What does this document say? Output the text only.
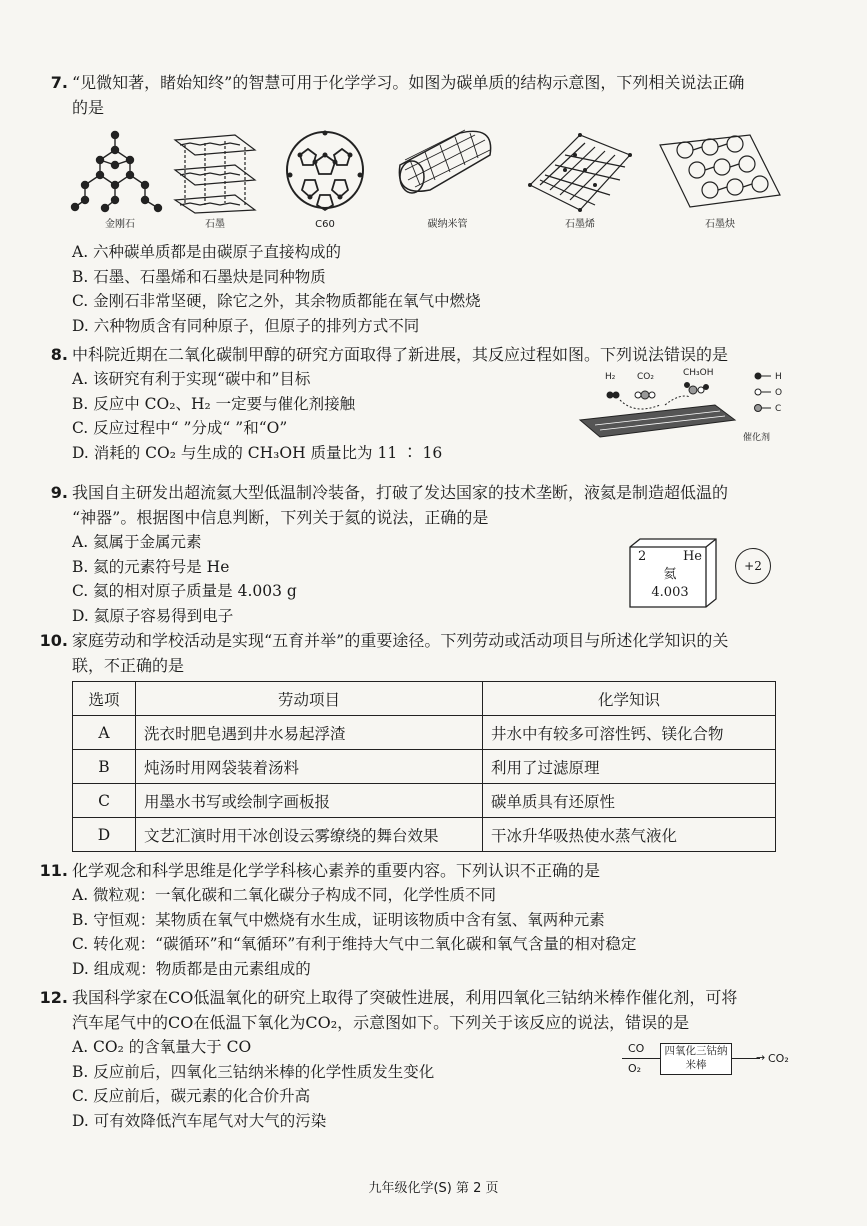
7. “见微知著，睹始知终”的智慧可用于化学学习。如图为碳单质的结构示意图，下列相关说法正确
的是
金刚石	石墨	C60	碳纳米管	石墨烯	石墨炔
A. 六种碳单质都是由碳原子直接构成的
B. 石墨、石墨烯和石墨炔是同种物质
C. 金刚石非常坚硬，除它之外，其余物质都能在氧气中燃烧
D. 六种物质含有同种原子，但原子的排列方式不同
8. 中科院近期在二氧化碳制甲醇的研究方面取得了新进展，其反应过程如图。下列说法错误的是
A. 该研究有利于实现“碳中和”目标
B. 反应中 CO₂、H₂ 一定要与催化剂接触
C. 反应过程中“ ”分成“ ”和“O”
D. 消耗的 CO₂ 与生成的 CH₃OH 质量比为 11 ∶ 16
H₂ CO₂	CH₃OH	H
O
C
催化剂
9. 我国自主研发出超流氦大型低温制冷装备，打破了发达国家的技术垄断，液氦是制造超低温的
“神器”。根据图中信息判断，下列关于氦的说法，正确的是
A. 氦属于金属元素
B. 氦的元素符号是 He
C. 氦的相对原子质量是 4.003 g
D. 氦原子容易得到电子
2	He
氦
4.003
+2
10. 家庭劳动和学校活动是实现“五育并举”的重要途径。下列劳动或活动项目与所述化学知识的关
联，不正确的是
选项	劳动项目	化学知识
A	洗衣时肥皂遇到井水易起浮渣	井水中有较多可溶性钙、镁化合物
B	炖汤时用网袋装着汤料	利用了过滤原理
C	用墨水书写或绘制字画板报	碳单质具有还原性
D	文艺汇演时用干冰创设云雾缭绕的舞台效果	干冰升华吸热使水蒸气液化
11. 化学观念和科学思维是化学学科核心素养的重要内容。下列认识不正确的是
A. 微粒观：一氧化碳和二氧化碳分子构成不同，化学性质不同
B. 守恒观：某物质在氧气中燃烧有水生成，证明该物质中含有氢、氧两种元素
C. 转化观：“碳循环”和“氧循环”有利于维持大气中二氧化碳和氧气含量的相对稳定
D. 组成观：物质都是由元素组成的
12. 我国科学家在CO低温氧化的研究上取得了突破性进展，利用四氧化三钴纳米棒作催化剂，可将
汽车尾气中的CO在低温下氧化为CO₂，示意图如下。下列关于该反应的说法，错误的是
A. CO₂ 的含氧量大于 CO
B. 反应前后，四氧化三钴纳米棒的化学性质发生变化
C. 反应前后，碳元素的化合价升高
D. 可有效降低汽车尾气对大气的污染
CO
O₂
四氧化三钴纳米棒
→ CO₂
九年级化学(S) 第 2 页
